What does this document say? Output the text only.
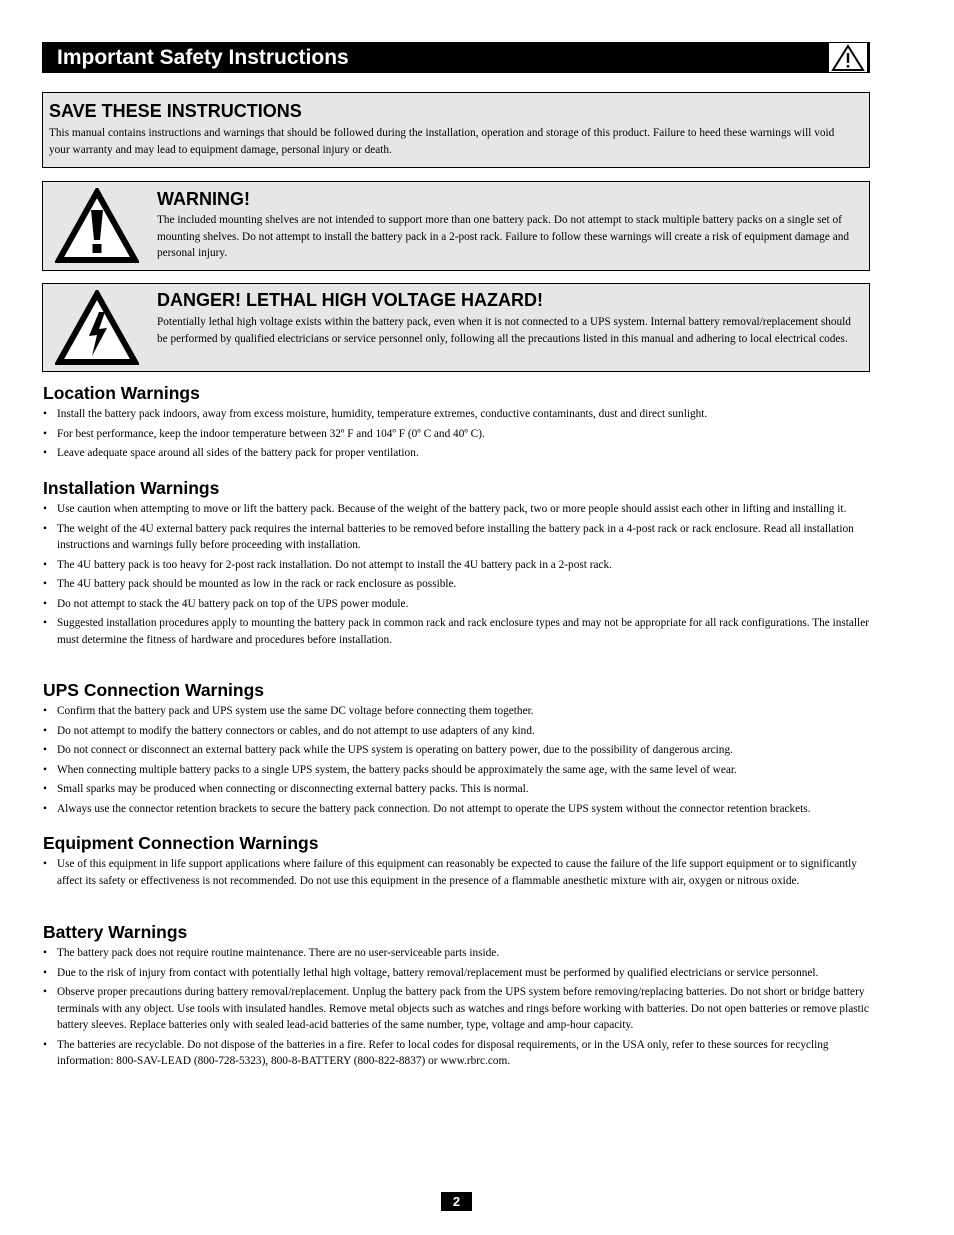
Important Safety Instructions
SAVE THESE INSTRUCTIONS
This manual contains instructions and warnings that should be followed during the installation, operation and storage of this product. Failure to heed these warnings will void your warranty and may lead to equipment damage, personal injury or death.
WARNING!
The included mounting shelves are not intended to support more than one battery pack. Do not attempt to stack multiple battery packs on a single set of mounting shelves. Do not attempt to install the battery pack in a 2-post rack. Failure to follow these warnings will create a risk of equipment damage and personal injury.
DANGER! LETHAL HIGH VOLTAGE HAZARD!
Potentially lethal high voltage exists within the battery pack, even when it is not connected to a UPS system. Internal battery removal/replacement should be performed by qualified electricians or service personnel only, following all the precautions listed in this manual and adhering to local electrical codes.
Location Warnings
• Install the battery pack indoors, away from excess moisture, humidity, temperature extremes, conductive contaminants, dust and direct sunlight.
• For best performance, keep the indoor temperature between 32º F and 104º F (0º C and 40º C).
• Leave adequate space around all sides of the battery pack for proper ventilation.
Installation Warnings
• Use caution when attempting to move or lift the battery pack. Because of the weight of the battery pack, two or more people should assist each other in lifting and installing it.
• The weight of the 4U external battery pack requires the internal batteries to be removed before installing the battery pack in a 4-post rack or rack enclosure. Read all installation instructions and warnings fully before proceeding with installation.
• The 4U battery pack is too heavy for 2-post rack installation. Do not attempt to install the 4U battery pack in a 2-post rack.
• The 4U battery pack should be mounted as low in the rack or rack enclosure as possible.
• Do not attempt to stack the 4U battery pack on top of the UPS power module.
• Suggested installation procedures apply to mounting the battery pack in common rack and rack enclosure types and may not be appropriate for all rack configurations. The installer must determine the fitness of hardware and procedures before installation.
UPS Connection Warnings
• Confirm that the battery pack and UPS system use the same DC voltage before connecting them together.
• Do not attempt to modify the battery connectors or cables, and do not attempt to use adapters of any kind.
• Do not connect or disconnect an external battery pack while the UPS system is operating on battery power, due to the possibility of dangerous arcing.
• When connecting multiple battery packs to a single UPS system, the battery packs should be approximately the same age, with the same level of wear.
• Small sparks may be produced when connecting or disconnecting external battery packs. This is normal.
• Always use the connector retention brackets to secure the battery pack connection. Do not attempt to operate the UPS system without the connector retention brackets.
Equipment Connection Warnings
• Use of this equipment in life support applications where failure of this equipment can reasonably be expected to cause the failure of the life support equipment or to significantly affect its safety or effectiveness is not recommended. Do not use this equipment in the presence of a flammable anesthetic mixture with air, oxygen or nitrous oxide.
Battery Warnings
• The battery pack does not require routine maintenance. There are no user-serviceable parts inside.
• Due to the risk of injury from contact with potentially lethal high voltage, battery removal/replacement must be performed by qualified electricians or service personnel.
• Observe proper precautions during battery removal/replacement. Unplug the battery pack from the UPS system before removing/replacing batteries. Do not short or bridge battery terminals with any object. Use tools with insulated handles. Remove metal objects such as watches and rings before working with batteries. Do not open batteries or remove plastic battery sleeves. Replace batteries only with sealed lead-acid batteries of the same number, type, voltage and amp-hour capacity.
• The batteries are recyclable. Do not dispose of the batteries in a fire. Refer to local codes for disposal requirements, or in the USA only, refer to these sources for recycling information: 800-SAV-LEAD (800-728-5323), 800-8-BATTERY (800-822-8837) or www.rbrc.com.
2
